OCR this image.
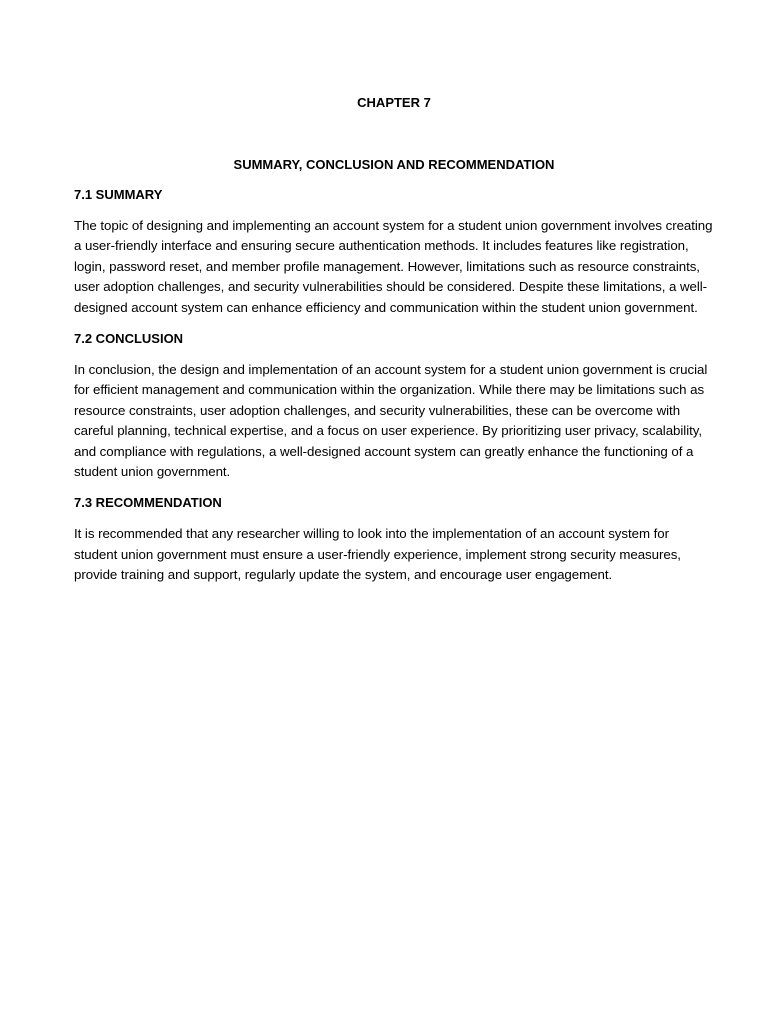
CHAPTER 7

SUMMARY, CONCLUSION AND RECOMMENDATION

7.1 SUMMARY

The topic of designing and implementing an account system for a student union government involves creating a user-friendly interface and ensuring secure authentication methods. It includes features like registration, login, password reset, and member profile management. However, limitations such as resource constraints, user adoption challenges, and security vulnerabilities should be considered. Despite these limitations, a well-designed account system can enhance efficiency and communication within the student union government.

7.2 CONCLUSION

In conclusion, the design and implementation of an account system for a student union government is crucial for efficient management and communication within the organization. While there may be limitations such as resource constraints, user adoption challenges, and security vulnerabilities, these can be overcome with careful planning, technical expertise, and a focus on user experience. By prioritizing user privacy, scalability, and compliance with regulations, a well-designed account system can greatly enhance the functioning of a student union government.

7.3 RECOMMENDATION

It is recommended that any researcher willing to look into the implementation of an account system for student union government must ensure a user-friendly experience, implement strong security measures, provide training and support, regularly update the system, and encourage user engagement.
